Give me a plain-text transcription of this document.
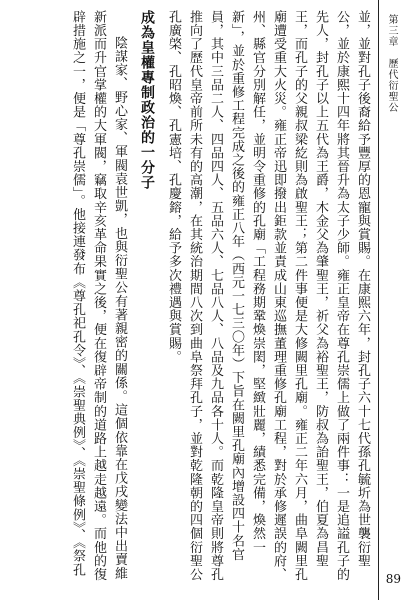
第三章
歷代衍聖公
89

並，並對孔子後裔給予豐厚的恩寵與賞賜。在康熙六年，封孔子六十七代孫孔毓圻為世襲衍聖公，並於康熙十四年將其晉升為太子少師。雍正皇帝在尊孔崇儒上做了兩件事：一是追謚孔子的先人，封孔子以上五代為王爵，木金父為肇聖王，祈父為裕聖王，防叔為詒聖王，伯夏為昌聖王，而孔子的父親叔梁紇則為啟聖王；第二件事便是大修闕里孔廟。雍正二年六月，曲阜闕里孔廟遭受重大火災。雍正帝迅即撥出鉅款並責成山東巡撫董理重修孔廟工程，對於承修遲誤的府、州、縣官分別解任，並明令重修的孔廟「工程務期鞏煥崇閎，堅緻壯麗，績悉完備，煥然一新」，並於重修工程完成之後的雍正八年（西元一七三〇年）下旨在闕里孔廟內增設四十名官員，其中三品二人、四品四人、五品六人、七品八人、八品及九品各十人。而乾隆皇帝則將尊孔推向了歷代皇帝前所未有的高潮，在其統治期間八次到曲阜祭拜孔子，並對乾隆朝的四個衍聖公孔廣棨、孔昭煥、孔憲培、孔慶鎔，給予多次禮遇與賞賜。

成為皇權專制政治的一分子

陰謀家、野心家、軍閥袁世凱，也與衍聖公有著親密的關係。這個依靠在戊戌變法中出賣維新派而升官掌權的大軍閥，竊取辛亥革命果實之後，便在復辟帝制的道路上越走越遠。而他的復辟措施之一，便是「尊孔崇儒」。他接連發布《尊孔祀孔令》、《崇聖典例》、《崇聖條例》、《祭孔
